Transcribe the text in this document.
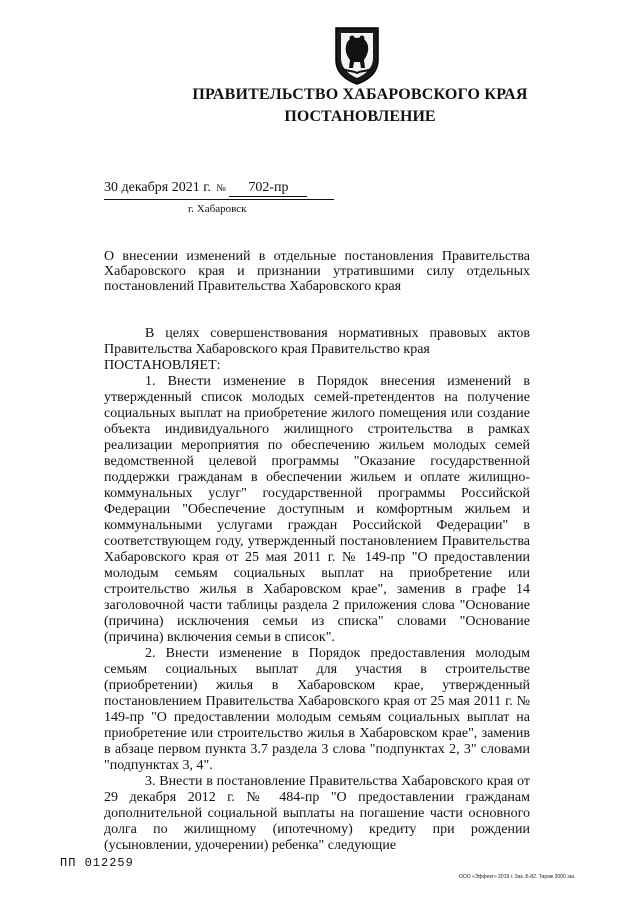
ПРАВИТЕЛЬСТВО ХАБАРОВСКОГО КРАЯ
ПОСТАНОВЛЕНИЕ
30 декабря 2021 г. № 702-пр
г. Хабаровск
О внесении изменений в отдельные постановления Правительства Хабаровского края и признании утратившими силу отдельных постановлений Правительства Хабаровского края

В целях совершенствования нормативных правовых актов Правительства Хабаровского края Правительство края

ПОСТАНОВЛЯЕТ:

1. Внести изменение в Порядок внесения изменений в утвержденный список молодых семей-претендентов на получение социальных выплат на приобретение жилого помещения или создание объекта индивидуального жилищного строительства в рамках реализации мероприятия по обеспечению жильем молодых семей ведомственной целевой программы "Оказание государственной поддержки гражданам в обеспечении жильем и оплате жилищно-коммунальных услуг" государственной программы Российской Федерации "Обеспечение доступным и комфортным жильем и коммунальными услугами граждан Российской Федерации" в соответствующем году, утвержденный постановлением Правительства Хабаровского края от 25 мая 2011 г. № 149-пр "О предоставлении молодым семьям социальных выплат на приобретение или строительство жилья в Хабаровском крае", заменив в графе 14 заголовочной части таблицы раздела 2 приложения слова "Основание (причина) исключения семьи из списка" словами "Основание (причина) включения семьи в список".

2. Внести изменение в Порядок предоставления молодым семьям социальных выплат для участия в строительстве (приобретении) жилья в Хабаровском крае, утвержденный постановлением Правительства Хабаровского края от 25 мая 2011 г. № 149-пр "О предоставлении молодым семьям социальных выплат на приобретение или строительство жилья в Хабаровском крае", заменив в абзаце первом пункта 3.7 раздела 3 слова "подпунктах 2, 3" словами "подпунктах 3, 4".

3. Внести в постановление Правительства Хабаровского края от 29 декабря 2012 г. № 484-пр "О предоставлении гражданам дополнительной социальной выплаты на погашение части основного долга по жилищному (ипотечному) кредиту при рождении (усыновлении, удочерении) ребенка" следующие

ПП 012259
ООО «Эффект» 2019 г. Зак. Б-82. Тираж 2000 экз.
